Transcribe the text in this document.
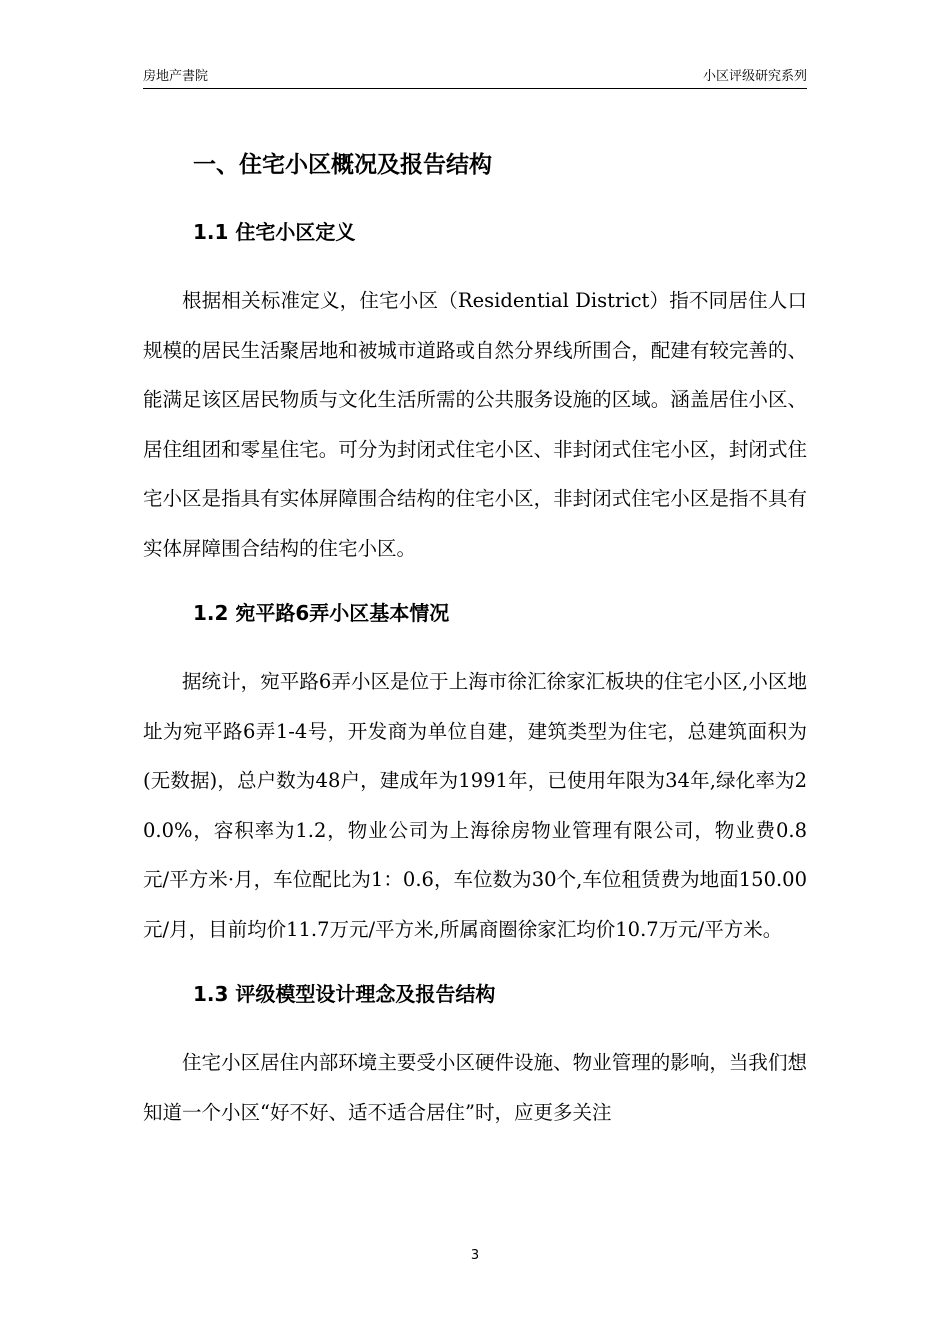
房地产書院	小区评级研究系列
一、住宅小区概况及报告结构
1.1 住宅小区定义

根据相关标准定义，住宅小区（Residential District）指不同居住人口规模的居民生活聚居地和被城市道路或自然分界线所围合，配建有较完善的、能满足该区居民物质与文化生活所需的公共服务设施的区域。涵盖居住小区、居住组团和零星住宅。可分为封闭式住宅小区、非封闭式住宅小区，封闭式住宅小区是指具有实体屏障围合结构的住宅小区，非封闭式住宅小区是指不具有实体屏障围合结构的住宅小区。

1.2 宛平路6弄小区基本情况

据统计，宛平路6弄小区是位于上海市徐汇徐家汇板块的住宅小区,小区地址为宛平路6弄1-4号，开发商为单位自建，建筑类型为住宅，总建筑面积为(无数据)，总户数为48户，建成年为1991年，已使用年限为34年,绿化率为20.0%，容积率为1.2，物业公司为上海徐房物业管理有限公司，物业费0.8元/平方米·月，车位配比为1：0.6，车位数为30个,车位租赁费为地面150.00元/月，目前均价11.7万元/平方米,所属商圈徐家汇均价10.7万元/平方米。

1.3 评级模型设计理念及报告结构

住宅小区居住内部环境主要受小区硬件设施、物业管理的影响，当我们想知道一个小区“好不好、适不适合居住”时，应更多关注

3
